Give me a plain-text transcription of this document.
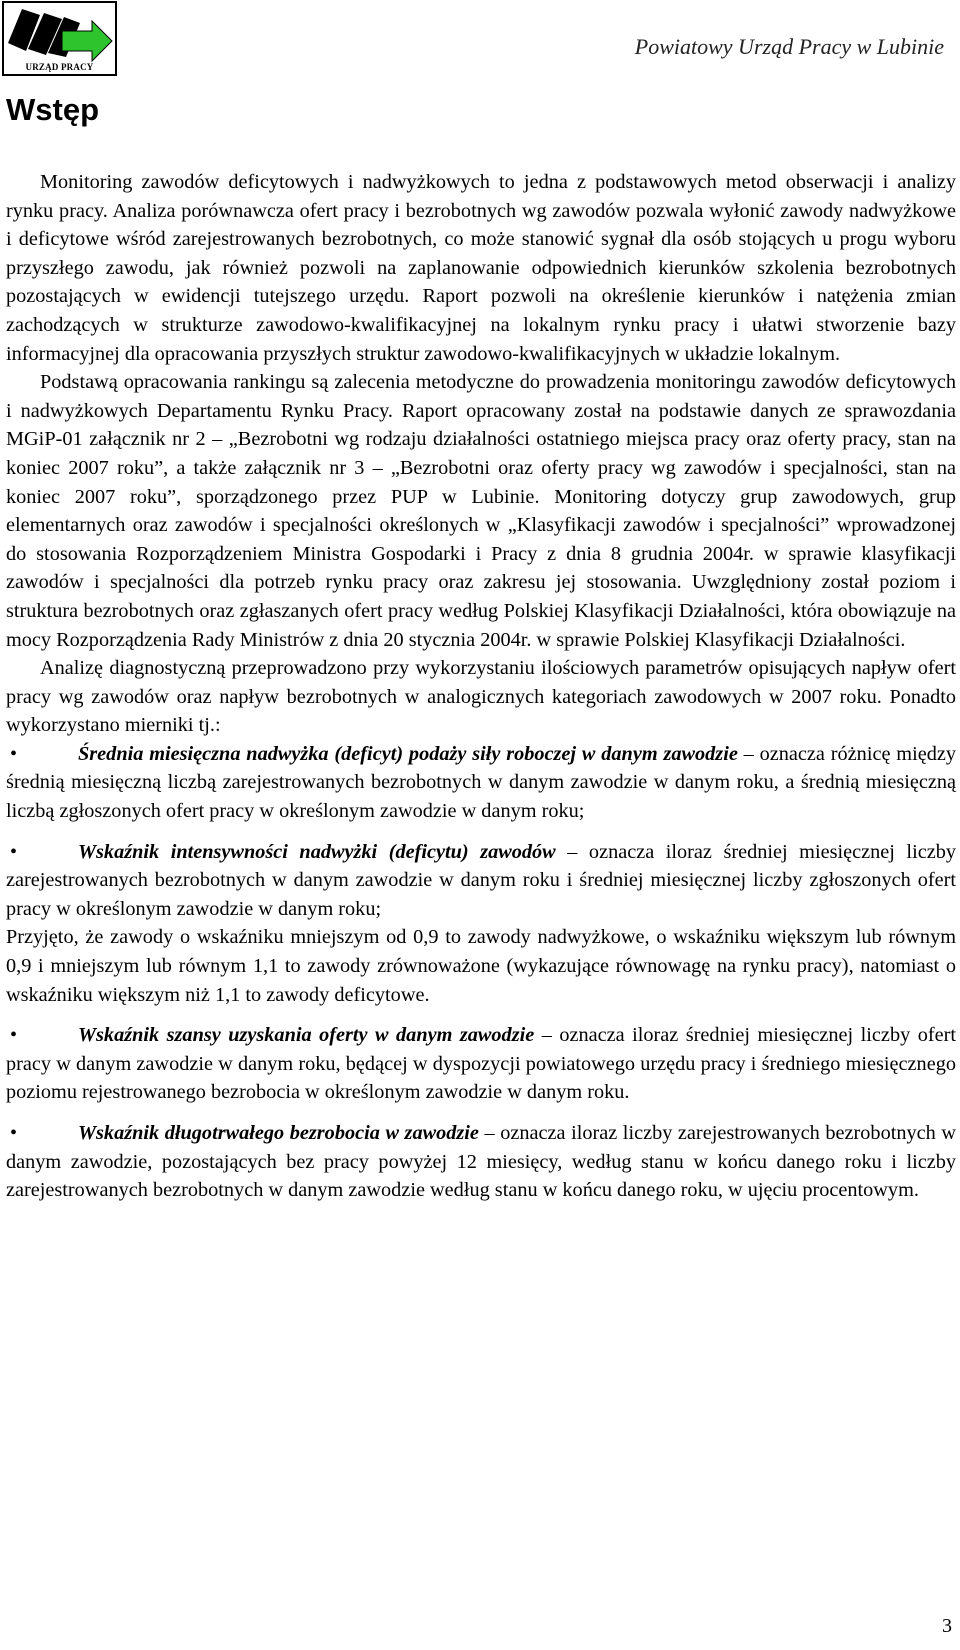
URZĄD PRACY
Powiatowy Urząd Pracy w Lubinie
Wstęp

Monitoring zawodów deficytowych i nadwyżkowych to jedna z podstawowych metod obserwacji i analizy rynku pracy. Analiza porównawcza ofert pracy i bezrobotnych wg zawodów pozwala wyłonić zawody nadwyżkowe i deficytowe wśród zarejestrowanych bezrobotnych, co może stanowić sygnał dla osób stojących u progu wyboru przyszłego zawodu, jak również pozwoli na zaplanowanie odpowiednich kierunków szkolenia bezrobotnych pozostających w ewidencji tutejszego urzędu. Raport pozwoli na określenie kierunków i natężenia zmian zachodzących w strukturze zawodowo-kwalifikacyjnej na lokalnym rynku pracy i ułatwi stworzenie bazy informacyjnej dla opracowania przyszłych struktur zawodowo-kwalifikacyjnych w układzie lokalnym.

Podstawą opracowania rankingu są zalecenia metodyczne do prowadzenia monitoringu zawodów deficytowych i nadwyżkowych Departamentu Rynku Pracy. Raport opracowany został na podstawie danych ze sprawozdania MGiP-01 załącznik nr 2 – „Bezrobotni wg rodzaju działalności ostatniego miejsca pracy oraz oferty pracy, stan na koniec 2007 roku”, a także załącznik nr 3 – „Bezrobotni oraz oferty pracy wg zawodów i specjalności, stan na koniec 2007 roku”, sporządzonego przez PUP w Lubinie. Monitoring dotyczy grup zawodowych, grup elementarnych oraz zawodów i specjalności określonych w „Klasyfikacji zawodów i specjalności” wprowadzonej do stosowania Rozporządzeniem Ministra Gospodarki i Pracy z dnia 8 grudnia 2004r. w sprawie klasyfikacji zawodów i specjalności dla potrzeb rynku pracy oraz zakresu jej stosowania. Uwzględniony został poziom i struktura bezrobotnych oraz zgłaszanych ofert pracy według Polskiej Klasyfikacji Działalności, która obowiązuje na mocy Rozporządzenia Rady Ministrów z dnia 20 stycznia 2004r. w sprawie Polskiej Klasyfikacji Działalności.

Analizę diagnostyczną przeprowadzono przy wykorzystaniu ilościowych parametrów opisujących napływ ofert pracy wg zawodów oraz napływ bezrobotnych w analogicznych kategoriach zawodowych w 2007 roku. Ponadto wykorzystano mierniki tj.:

•	Średnia miesięczna nadwyżka (deficyt) podaży siły roboczej w danym zawodzie – oznacza różnicę między średnią miesięczną liczbą zarejestrowanych bezrobotnych w danym zawodzie w danym roku, a średnią miesięczną liczbą zgłoszonych ofert pracy w określonym zawodzie w danym roku;

•	Wskaźnik intensywności nadwyżki (deficytu) zawodów – oznacza iloraz średniej miesięcznej liczby zarejestrowanych bezrobotnych w danym zawodzie w danym roku i średniej miesięcznej liczby zgłoszonych ofert pracy w określonym zawodzie w danym roku;

Przyjęto, że zawody o wskaźniku mniejszym od 0,9 to zawody nadwyżkowe, o wskaźniku większym lub równym 0,9 i mniejszym lub równym 1,1 to zawody zrównoważone (wykazujące równowagę na rynku pracy), natomiast o wskaźniku większym niż 1,1 to zawody deficytowe.

•	Wskaźnik szansy uzyskania oferty w danym zawodzie – oznacza iloraz średniej miesięcznej liczby ofert pracy w danym zawodzie w danym roku, będącej w dyspozycji powiatowego urzędu pracy i średniego miesięcznego poziomu rejestrowanego bezrobocia w określonym zawodzie w danym roku.

•	Wskaźnik długotrwałego bezrobocia w zawodzie – oznacza iloraz liczby zarejestrowanych bezrobotnych w danym zawodzie, pozostających bez pracy powyżej 12 miesięcy, według stanu w końcu danego roku i liczby zarejestrowanych bezrobotnych w danym zawodzie według stanu w końcu danego roku, w ujęciu procentowym.

3
